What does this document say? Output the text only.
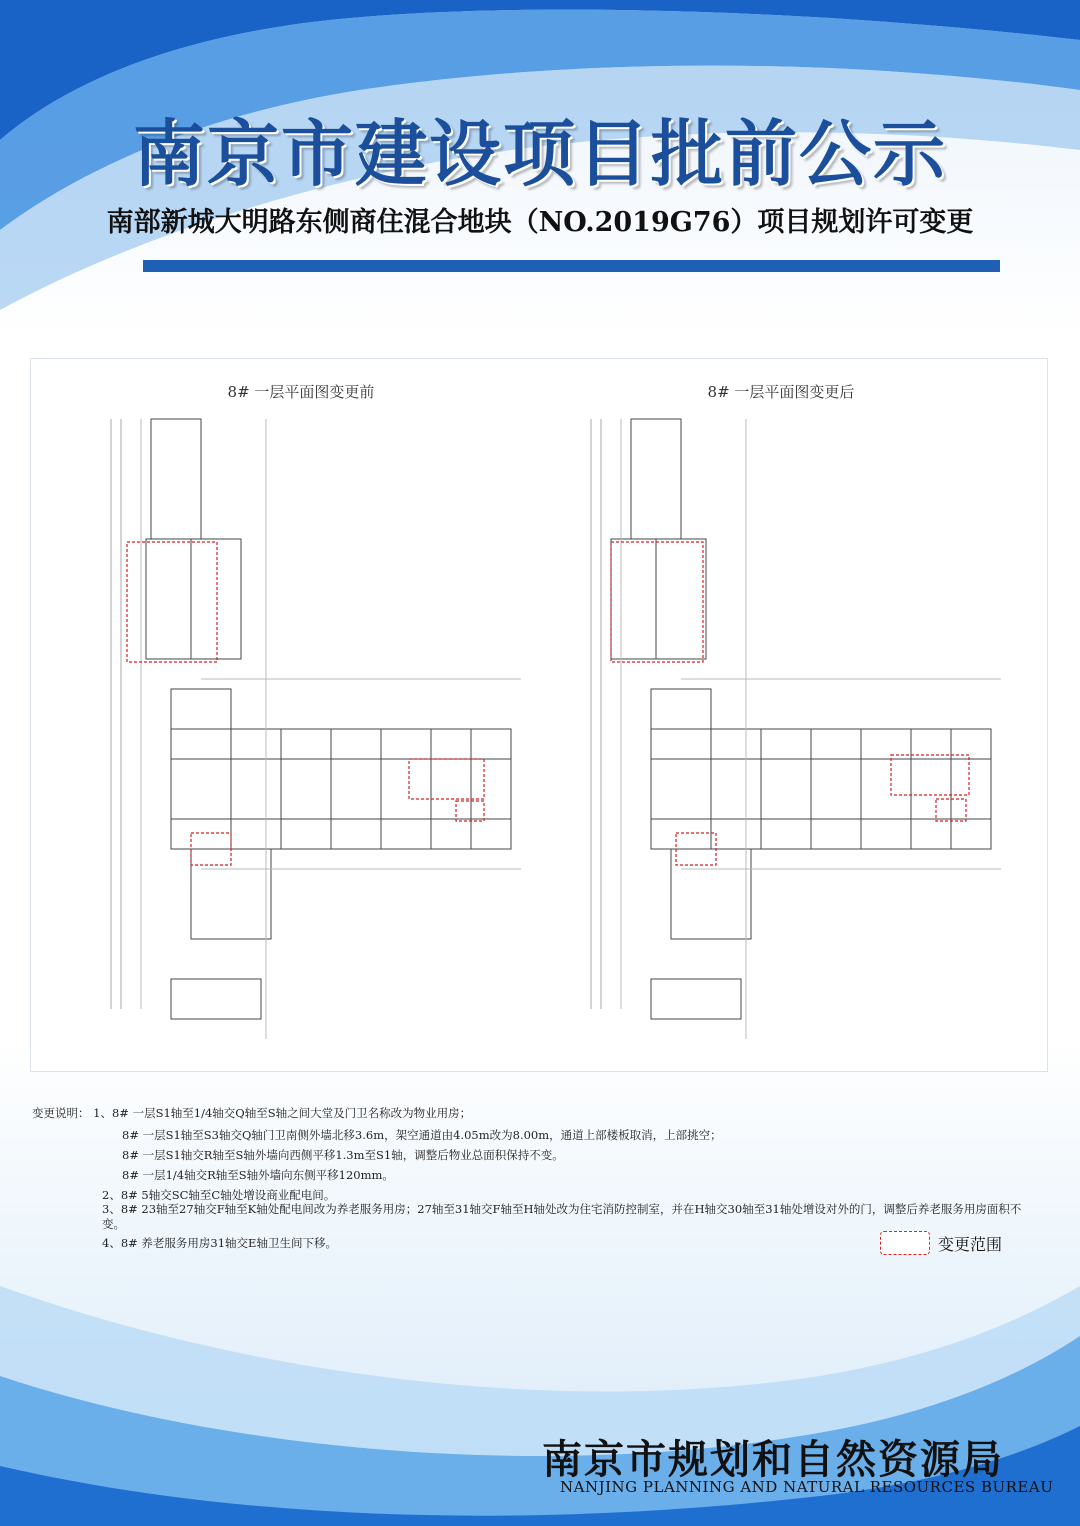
南京市建设项目批前公示
南部新城大明路东侧商住混合地块（NO.2019G76）项目规划许可变更
8# 一层平面图变更前	8# 一层平面图变更后
变更说明： 1、8# 一层S1轴至1/4轴交Q轴至S轴之间大堂及门卫名称改为物业用房；
8# 一层S1轴至S3轴交Q轴门卫南侧外墙北移3.6m，架空通道由4.05m改为8.00m，通道上部楼板取消，上部挑空；
8# 一层S1轴交R轴至S轴外墙向西侧平移1.3m至S1轴，调整后物业总面积保持不变。
8# 一层1/4轴交R轴至S轴外墙向东侧平移120mm。
2、8# 5轴交SC轴至C轴处增设商业配电间。
3、8# 23轴至27轴交F轴至K轴处配电间改为养老服务用房；27轴至31轴交F轴至H轴处改为住宅消防控制室，并在H轴交30轴至31轴处增设对外的门，调整后养老服务用房面积不变。
4、8# 养老服务用房31轴交E轴卫生间下移。	变更范围
南京市规划和自然资源局
NANJING PLANNING AND NATURAL RESOURCES BUREAU
